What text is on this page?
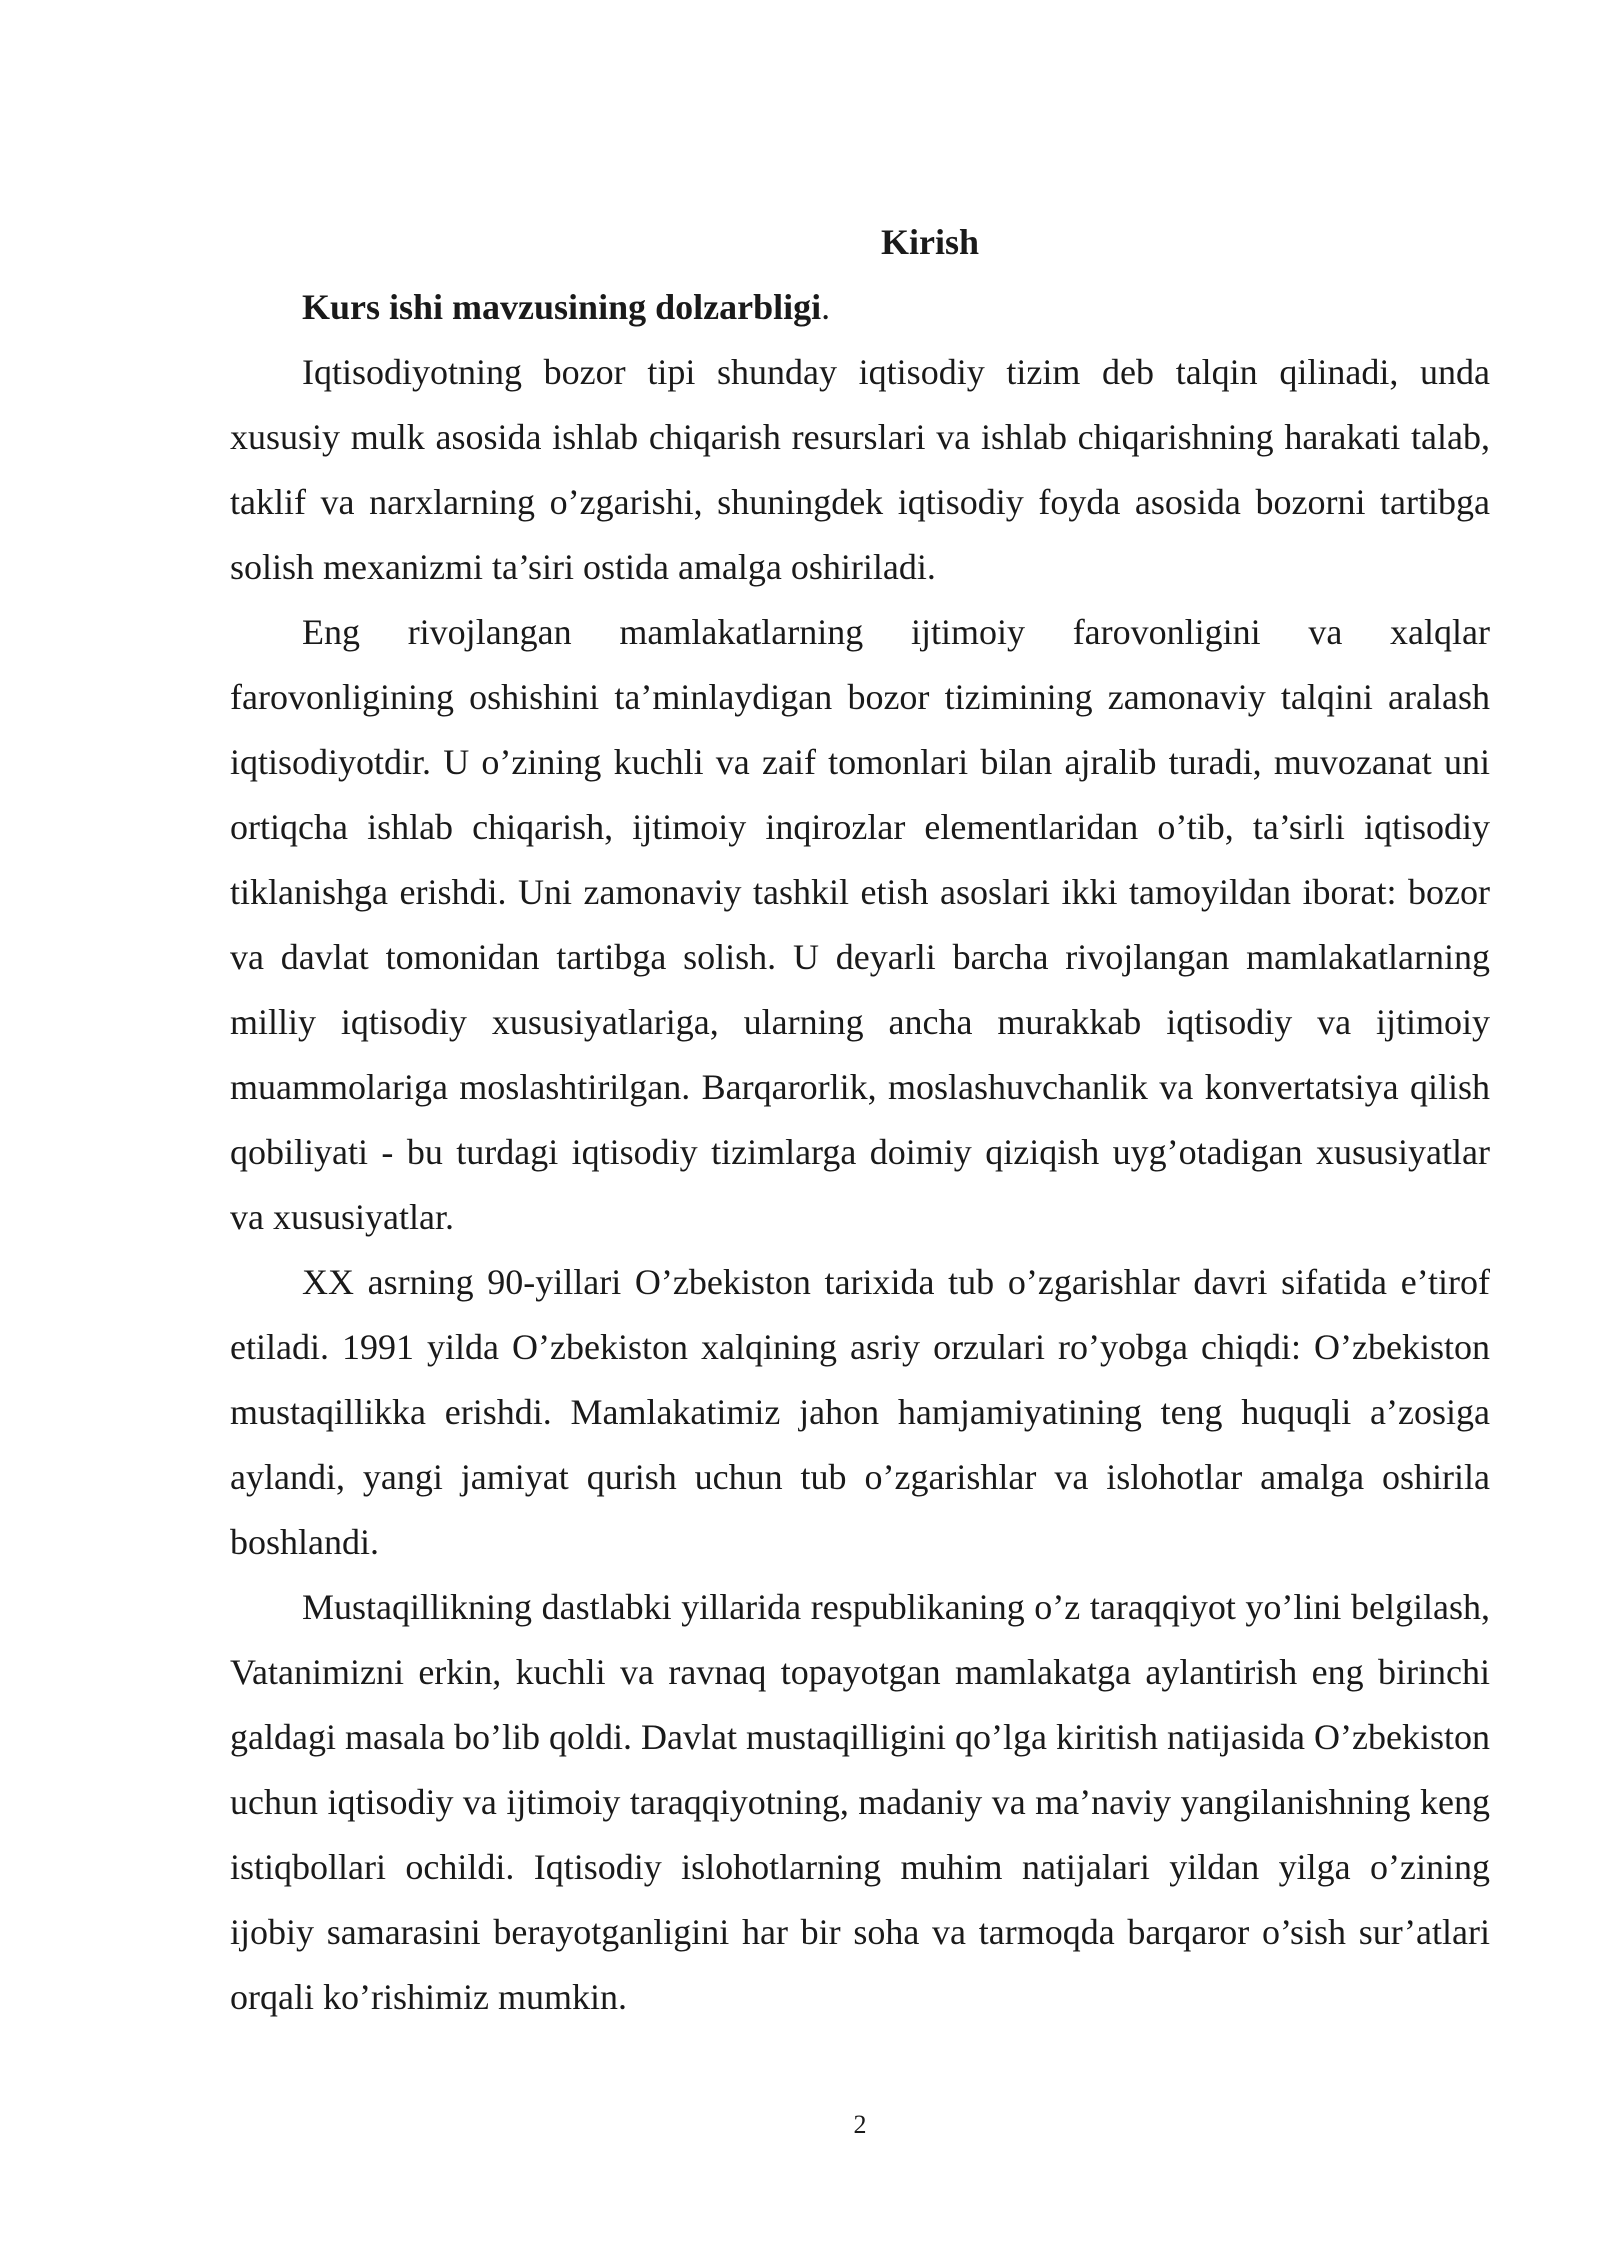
Kirish

Kurs ishi mavzusining dolzarbligi.

Iqtisodiyotning bozor tipi shunday iqtisodiy tizim deb talqin qilinadi, unda xususiy mulk asosida ishlab chiqarish resurslari va ishlab chiqarishning harakati talab, taklif va narxlarning o’zgarishi, shuningdek iqtisodiy foyda asosida bozorni tartibga solish mexanizmi ta’siri ostida amalga oshiriladi.

Eng rivojlangan mamlakatlarning ijtimoiy farovonligini va xalqlar farovonligining oshishini ta’minlaydigan bozor tizimining zamonaviy talqini aralash iqtisodiyotdir. U o’zining kuchli va zaif tomonlari bilan ajralib turadi, muvozanat uni ortiqcha ishlab chiqarish, ijtimoiy inqirozlar elementlaridan o’tib, ta’sirli iqtisodiy tiklanishga erishdi. Uni zamonaviy tashkil etish asoslari ikki tamoyildan iborat: bozor va davlat tomonidan tartibga solish. U deyarli barcha rivojlangan mamlakatlarning milliy iqtisodiy xususiyatlariga, ularning ancha murakkab iqtisodiy va ijtimoiy muammolariga moslashtirilgan. Barqarorlik, moslashuvchanlik va konvertatsiya qilish qobiliyati - bu turdagi iqtisodiy tizimlarga doimiy qiziqish uyg’otadigan xususiyatlar va xususiyatlar.

XX asrning 90-yillari O’zbekiston tarixida tub o’zgarishlar davri sifatida e’tirof etiladi. 1991 yilda O’zbekiston xalqining asriy orzulari ro’yobga chiqdi: O’zbekiston mustaqillikka erishdi. Mamlakatimiz jahon hamjamiyatining teng huquqli a’zosiga aylandi, yangi jamiyat qurish uchun tub o’zgarishlar va islohotlar amalga oshirila boshlandi.

Mustaqillikning dastlabki yillarida respublikaning o’z taraqqiyot yo’lini belgilash, Vatanimizni erkin, kuchli va ravnaq topayotgan mamlakatga aylantirish eng birinchi galdagi masala bo’lib qoldi. Davlat mustaqilligini qo’lga kiritish natijasida O’zbekiston uchun iqtisodiy va ijtimoiy taraqqiyotning, madaniy va ma’naviy yangilanishning keng istiqbollari ochildi. Iqtisodiy islohotlarning muhim natijalari yildan yilga o’zining ijobiy samarasini berayotganligini har bir soha va tarmoqda barqaror o’sish sur’atlari orqali ko’rishimiz mumkin.

2
